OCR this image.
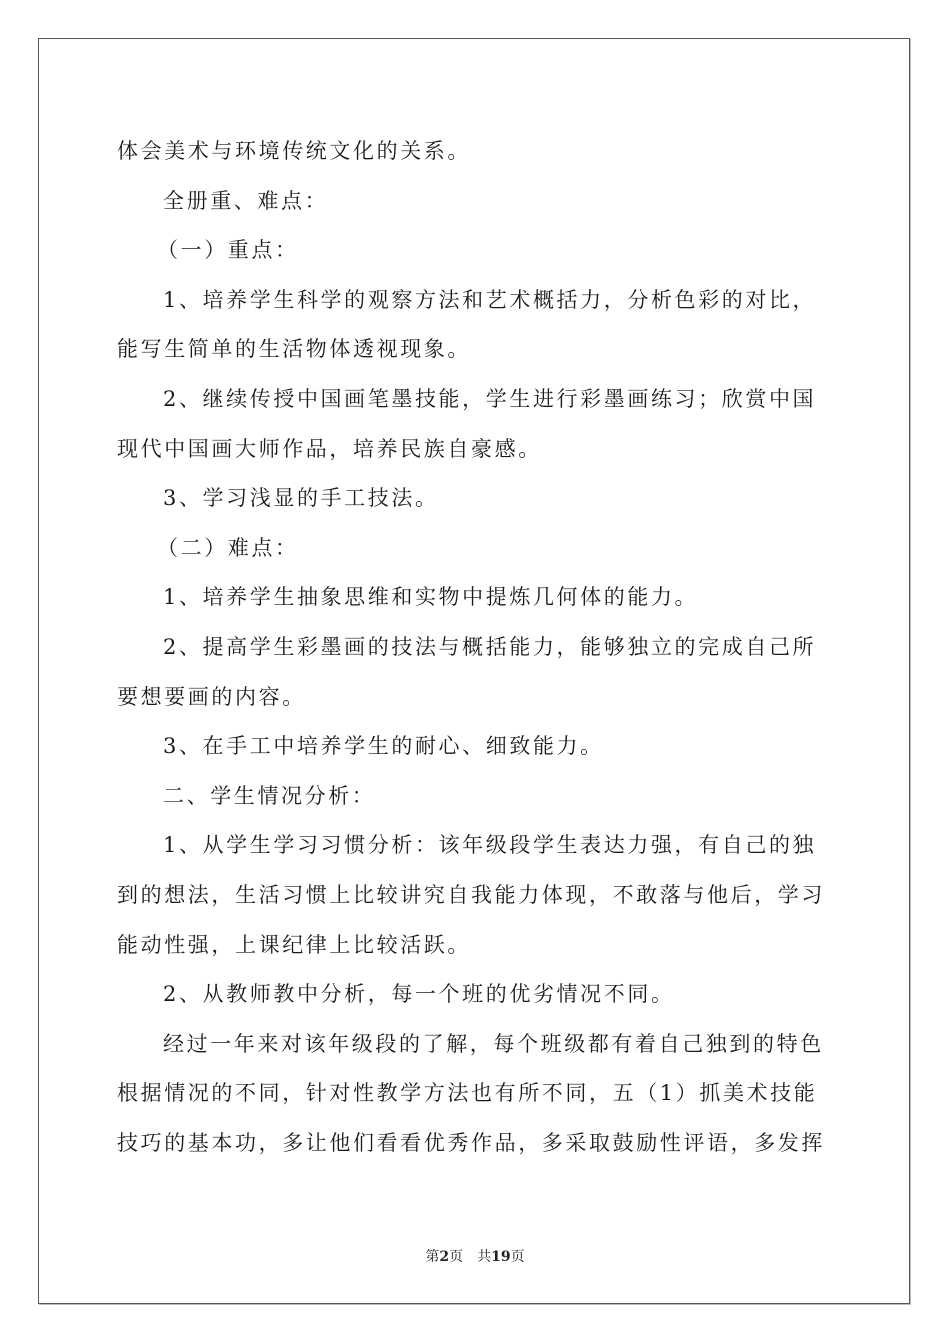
体会美术与环境传统文化的关系。
全册重、难点：
（一）重点：
1、培养学生科学的观察方法和艺术概括力，分析色彩的对比，
能写生简单的生活物体透视现象。
2、继续传授中国画笔墨技能，学生进行彩墨画练习；欣赏中国
现代中国画大师作品，培养民族自豪感。
3、学习浅显的手工技法。
（二）难点：
1、培养学生抽象思维和实物中提炼几何体的能力。
2、提高学生彩墨画的技法与概括能力，能够独立的完成自己所
要想要画的内容。
3、在手工中培养学生的耐心、细致能力。
二、学生情况分析：
1、从学生学习习惯分析：该年级段学生表达力强，有自己的独
到的想法，生活习惯上比较讲究自我能力体现，不敢落与他后，学习
能动性强，上课纪律上比较活跃。
2、从教师教中分析，每一个班的优劣情况不同。
经过一年来对该年级段的了解，每个班级都有着自己独到的特色
根据情况的不同，针对性教学方法也有所不同，五（1）抓美术技能
技巧的基本功，多让他们看看优秀作品，多采取鼓励性评语，多发挥
第2页 共19页
